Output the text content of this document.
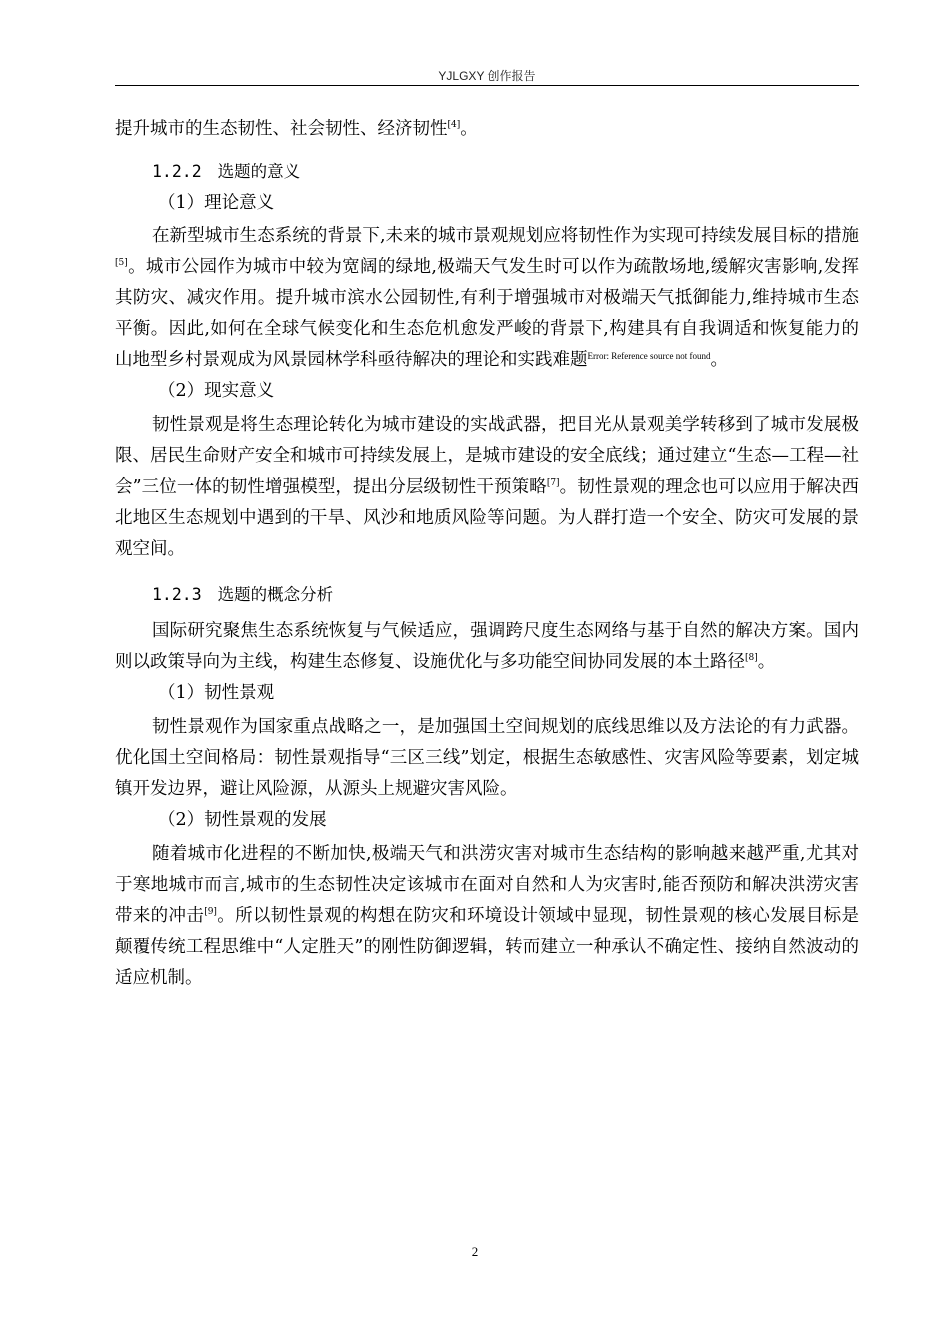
YJLGXY 创作报告

提升城市的生态韧性、社会韧性、经济韧性[4]。

1.2.2 选题的意义

（1）理论意义

在新型城市生态系统的背景下,未来的城市景观规划应将韧性作为实现可持续发展目标的措施[5]。城市公园作为城市中较为宽阔的绿地,极端天气发生时可以作为疏散场地,缓解灾害影响,发挥其防灾、减灾作用。提升城市滨水公园韧性,有利于增强城市对极端天气抵御能力,维持城市生态平衡。因此,如何在全球气候变化和生态危机愈发严峻的背景下,构建具有自我调适和恢复能力的山地型乡村景观成为风景园林学科亟待解决的理论和实践难题$^{Error: Reference source not found}$。

（2）现实意义

韧性景观是将生态理论转化为城市建设的实战武器，把目光从景观美学转移到了城市发展极限、居民生命财产安全和城市可持续发展上，是城市建设的安全底线；通过建立“生态—工程—社会”三位一体的韧性增强模型，提出分层级韧性干预策略[7]。韧性景观的理念也可以应用于解决西北地区生态规划中遇到的干旱、风沙和地质风险等问题。为人群打造一个安全、防灾可发展的景观空间。

1.2.3 选题的概念分析

国际研究聚焦生态系统恢复与气候适应，强调跨尺度生态网络与基于自然的解决方案。国内则以政策导向为主线，构建生态修复、设施优化与多功能空间协同发展的本土路径[8]。

（1）韧性景观

韧性景观作为国家重点战略之一，是加强国土空间规划的底线思维以及方法论的有力武器。优化国土空间格局：韧性景观指导“三区三线”划定，根据生态敏感性、灾害风险等要素，划定城镇开发边界，避让风险源，从源头上规避灾害风险。

（2）韧性景观的发展

随着城市化进程的不断加快,极端天气和洪涝灾害对城市生态结构的影响越来越严重,尤其对于寒地城市而言,城市的生态韧性决定该城市在面对自然和人为灾害时,能否预防和解决洪涝灾害带来的冲击[9]。所以韧性景观的构想在防灾和环境设计领域中显现，韧性景观的核心发展目标是颠覆传统工程思维中“人定胜天”的刚性防御逻辑，转而建立一种承认不确定性、接纳自然波动的适应机制。

2
